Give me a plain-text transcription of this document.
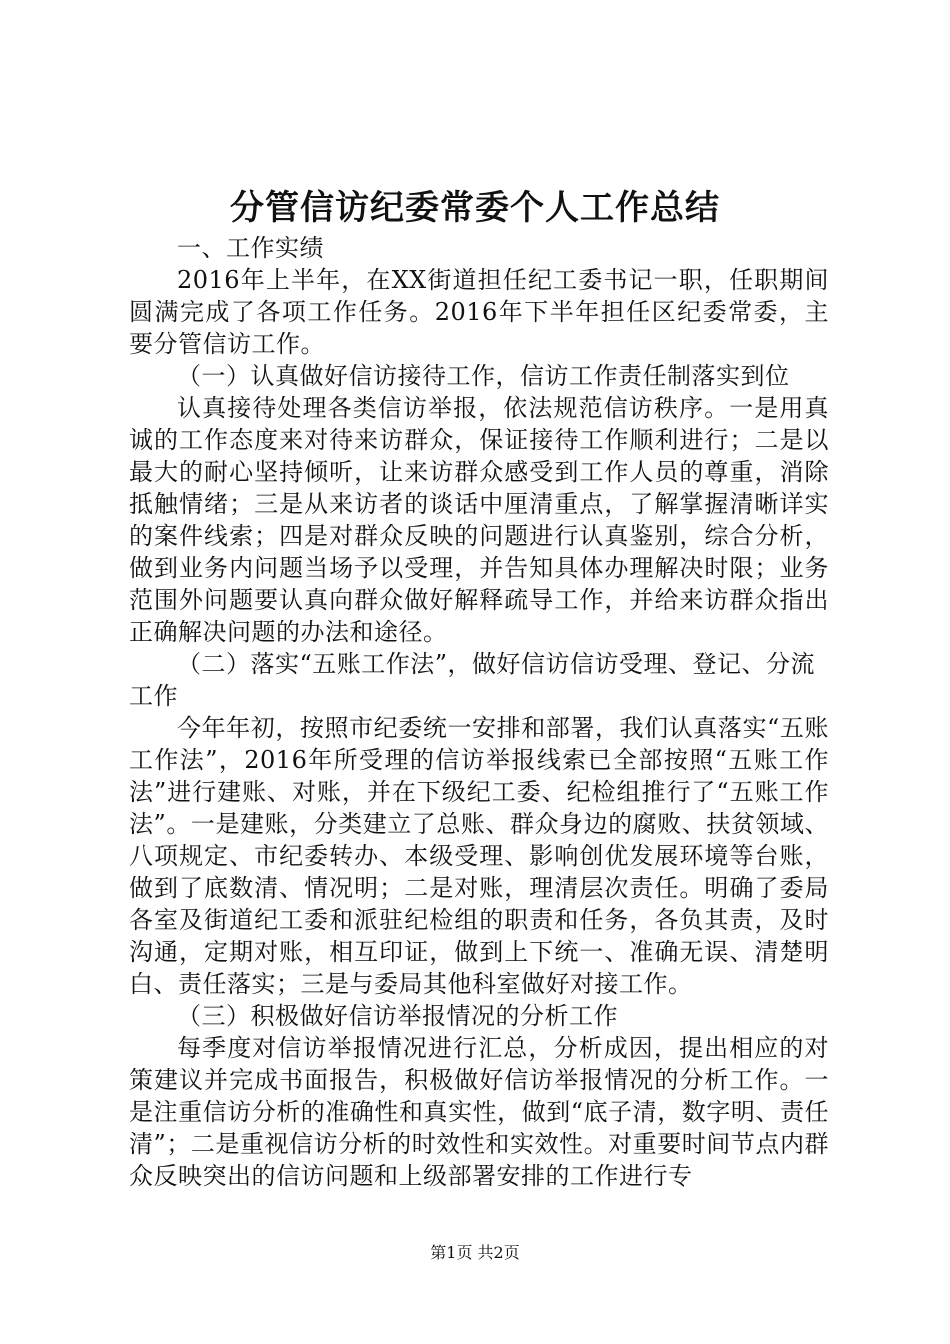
分管信访纪委常委个人工作总结

一、工作实绩

2016年上半年，在XX街道担任纪工委书记一职，任职期间圆满完成了各项工作任务。2016年下半年担任区纪委常委，主要分管信访工作。

（一）认真做好信访接待工作，信访工作责任制落实到位

认真接待处理各类信访举报，依法规范信访秩序。一是用真诚的工作态度来对待来访群众，保证接待工作顺利进行；二是以最大的耐心坚持倾听，让来访群众感受到工作人员的尊重，消除抵触情绪；三是从来访者的谈话中厘清重点，了解掌握清晰详实的案件线索；四是对群众反映的问题进行认真鉴别，综合分析，做到业务内问题当场予以受理，并告知具体办理解决时限；业务范围外问题要认真向群众做好解释疏导工作，并给来访群众指出正确解决问题的办法和途径。

（二）落实“五账工作法”，做好信访信访受理、登记、分流工作

今年年初，按照市纪委统一安排和部署，我们认真落实“五账工作法”，2016年所受理的信访举报线索已全部按照“五账工作法”进行建账、对账，并在下级纪工委、纪检组推行了“五账工作法”。一是建账，分类建立了总账、群众身边的腐败、扶贫领域、八项规定、市纪委转办、本级受理、影响创优发展环境等台账，做到了底数清、情况明；二是对账，理清层次责任。明确了委局各室及街道纪工委和派驻纪检组的职责和任务，各负其责，及时沟通，定期对账，相互印证，做到上下统一、准确无误、清楚明白、责任落实；三是与委局其他科室做好对接工作。

（三）积极做好信访举报情况的分析工作

每季度对信访举报情况进行汇总，分析成因，提出相应的对策建议并完成书面报告，积极做好信访举报情况的分析工作。一是注重信访分析的准确性和真实性，做到“底子清，数字明、责任清”；二是重视信访分析的时效性和实效性。对重要时间节点内群众反映突出的信访问题和上级部署安排的工作进行专

第1页 共2页
